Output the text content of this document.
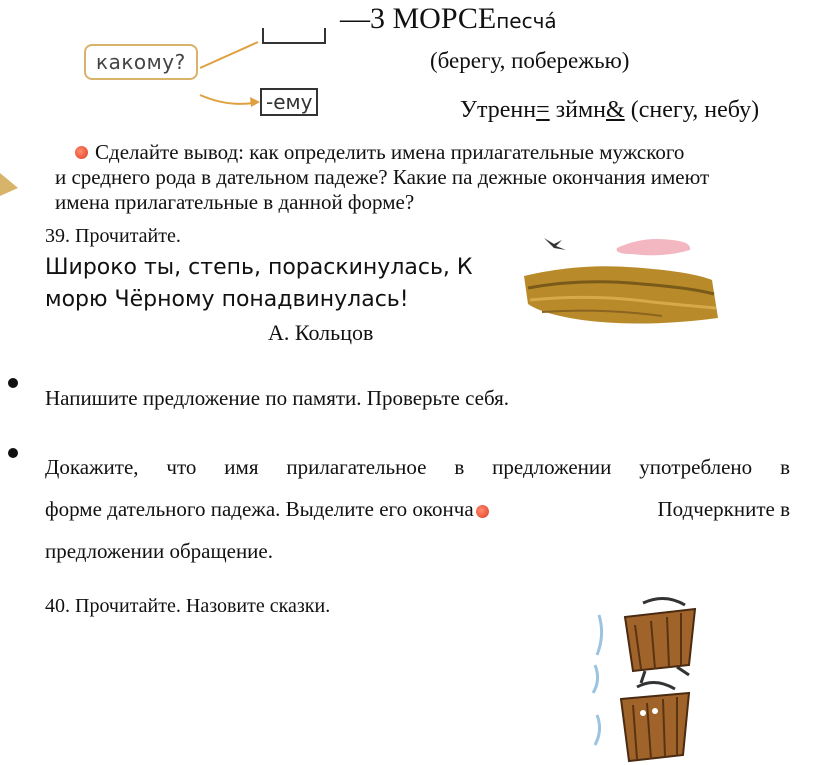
какому?
-ему
—3 МОРСЕпесча́
(берегу, побережью)
Утренн= зймн& (снегу, небу)
Сделайте вывод: как определить имена прилагательные мужского
и среднего рода в дательном падеже? Какие па дежные окончания имеют
имена прилагательные в данной форме?
39. Прочитайте.
Широко ты, степь, пораскинулась, К
морю Чёрному понадвинулась!
А. Кольцов
Напишите предложение по памяти. Проверьте себя.
Докажите, что имя прилагательное в предложении употреблено в
форме дательного падежа. Выделите его оконча	Подчеркните в
предложении обращение.
40. Прочитайте. Назовите сказки.
